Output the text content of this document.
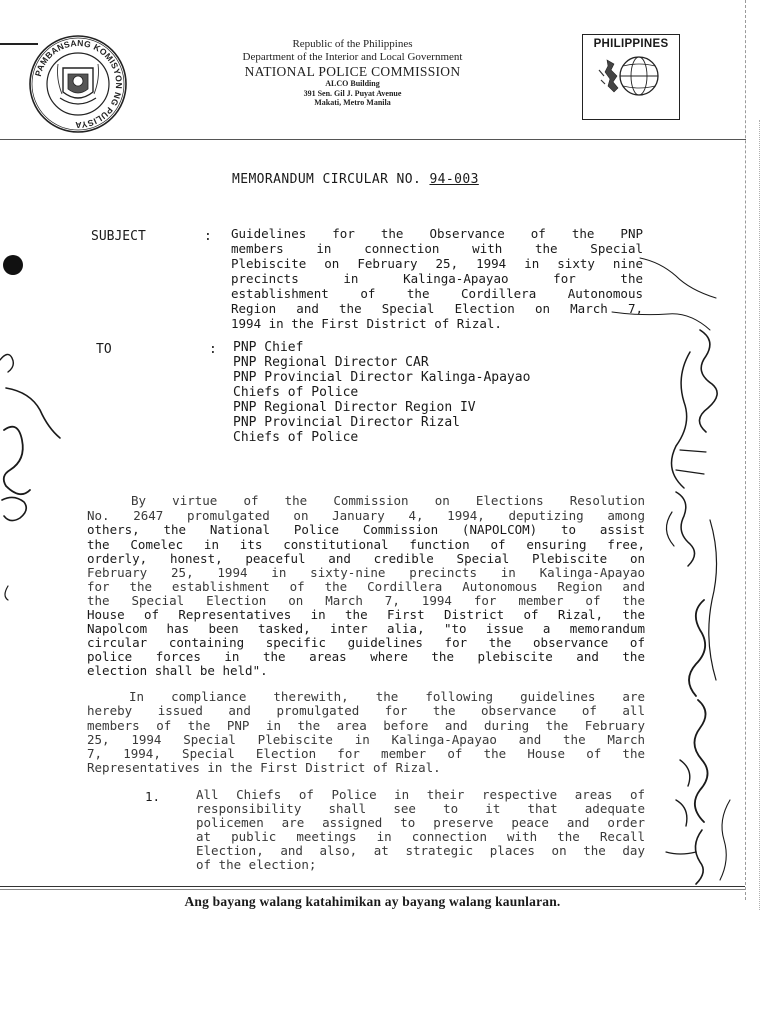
PAMBANSANG KOMISYON NG PULISYA
Republic of the Philippines
Department of the Interior and Local Government
NATIONAL POLICE COMMISSION
ALCO Building
391 Sen. Gil J. Puyat Avenue
Makati, Metro Manila
PHILIPPINES
MEMORANDUM CIRCULAR NO. 94-003
SUBJECT	: Guidelines for the Observance of the PNP
members in connection with the Special
Plebiscite on February 25, 1994 in sixty nine
precincts in Kalinga-Apayao for the
establishment of the Cordillera Autonomous
Region and the Special Election on March 7,
1994 in the First District of Rizal.
TO	: PNP Chief
PNP Regional Director CAR
PNP Provincial Director Kalinga-Apayao
Chiefs of Police
PNP Regional Director Region IV
PNP Provincial Director Rizal
Chiefs of Police
By virtue of the Commission on Elections Resolution
No. 2647 promulgated on January 4, 1994, deputizing among
others, the National Police Commission (NAPOLCOM) to assist
the Comelec in its constitutional function of ensuring free,
orderly, honest, peaceful and credible Special Plebiscite on
February 25, 1994 in sixty-nine precincts in Kalinga-Apayao
for the establishment of the Cordillera Autonomous Region and
the Special Election on March 7, 1994 for member of the
House of Representatives in the First District of Rizal, the
Napolcom has been tasked, inter alia, "to issue a memorandum
circular containing specific guidelines for the observance of
police forces in the areas where the plebiscite and the
election shall be held".
In compliance therewith, the following guidelines are
hereby issued and promulgated for the observance of all
members of the PNP in the area before and during the February
25, 1994 Special Plebiscite in Kalinga-Apayao and the March
7, 1994, Special Election for member of the House of the
Representatives in the First District of Rizal.
1.	All Chiefs of Police in their respective areas of
responsibility shall see to it that adequate
policemen are assigned to preserve peace and order
at public meetings in connection with the Recall
Election, and also, at strategic places on the day
of the election;
Ang bayang walang katahimikan ay bayang walang kaunlaran.
